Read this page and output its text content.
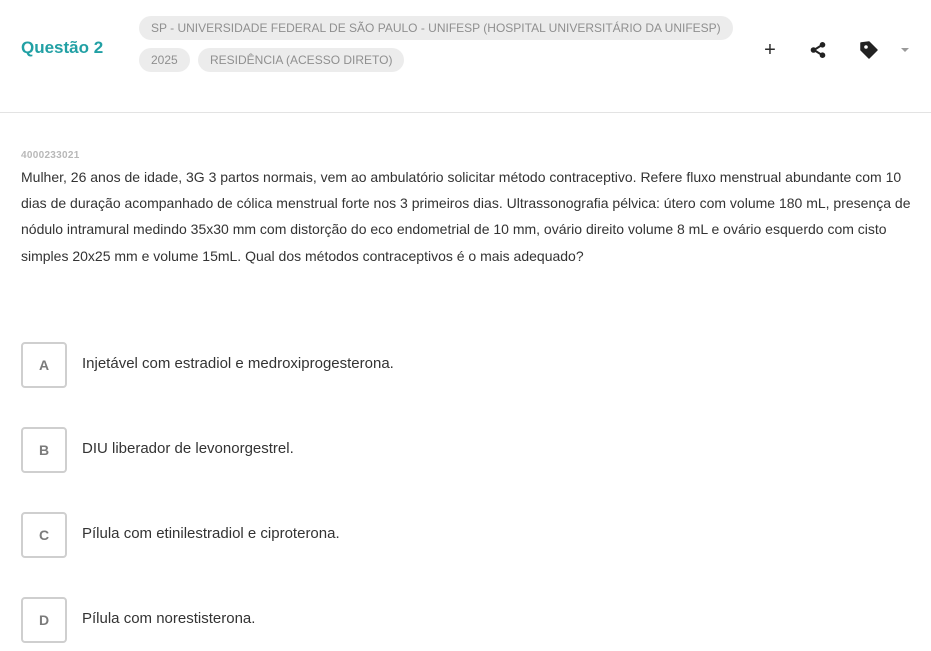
Questão 2
SP - UNIVERSIDADE FEDERAL DE SÃO PAULO - UNIFESP (HOSPITAL UNIVERSITÁRIO DA UNIFESP)
2025	RESIDÊNCIA (ACESSO DIRETO)	+
4000233021
Mulher, 26 anos de idade, 3G 3 partos normais, vem ao ambulatório solicitar método contraceptivo. Refere fluxo menstrual abundante com 10 dias de duração acompanhado de cólica menstrual forte nos 3 primeiros dias. Ultrassonografia pélvica: útero com volume 180 mL, presença de nódulo intramural medindo 35x30 mm com distorção do eco endometrial de 10 mm, ovário direito volume 8 mL e ovário esquerdo com cisto simples 20x25 mm e volume 15mL. Qual dos métodos contraceptivos é o mais adequado?
A	Injetável com estradiol e medroxiprogesterona.
B	DIU liberador de levonorgestrel.
C	Pílula com etinilestradiol e ciproterona.
D	Pílula com norestisterona.
